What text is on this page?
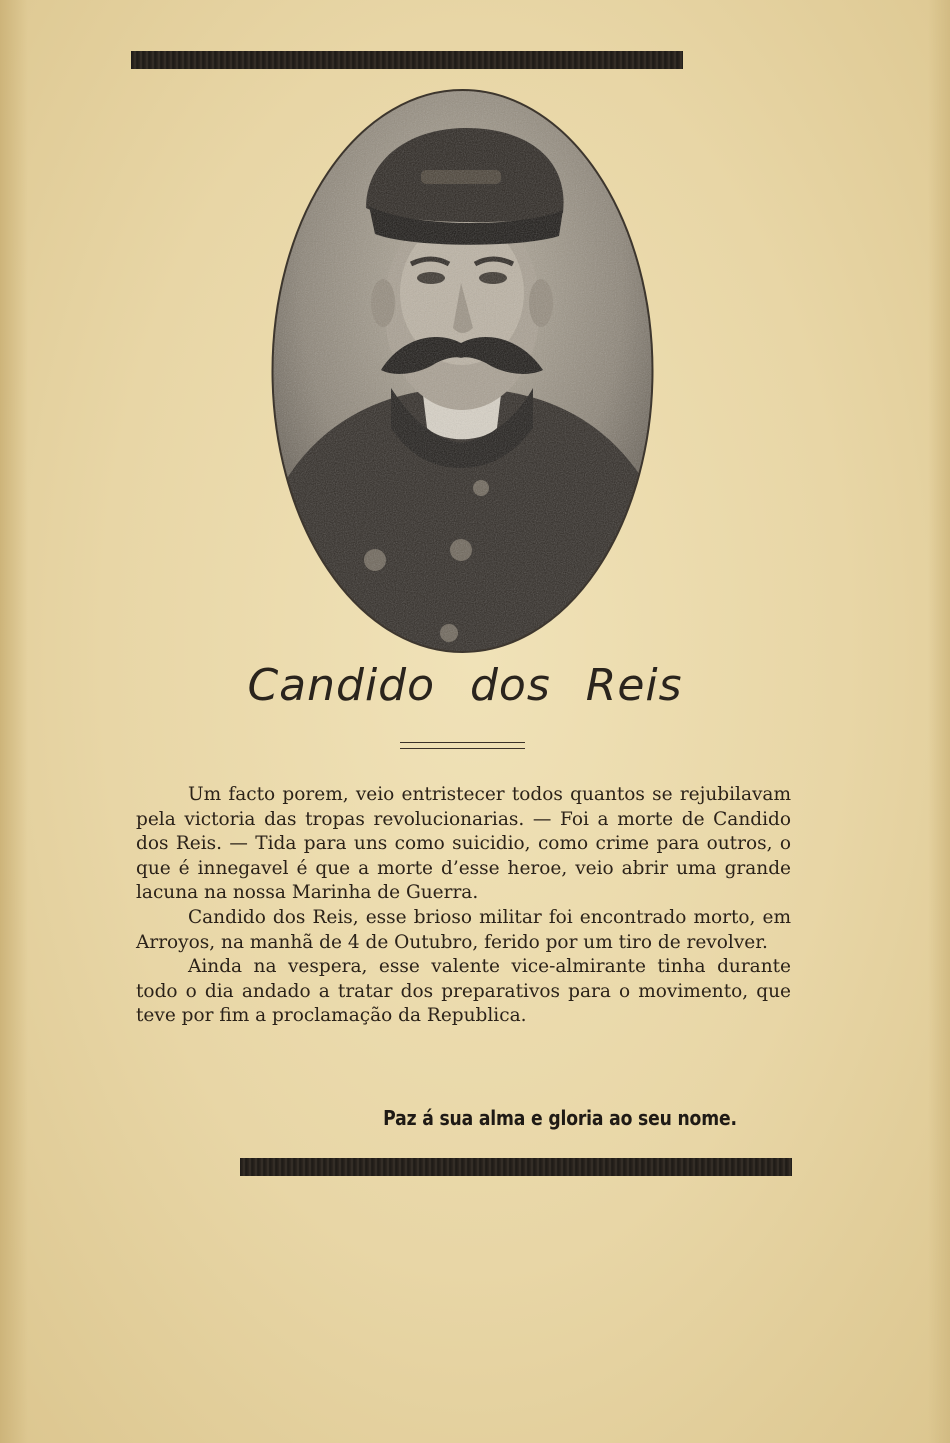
Candido dos Reis

Um facto porem, veio entristecer todos quantos se rejubilavam pela victoria das tropas revolucionarias. — Foi a morte de Candido dos Reis. — Tida para uns como suicidio, como crime para outros, o que é innegavel é que a morte d’esse heroe, veio abrir uma grande lacuna na nossa Marinha de Guerra.

Candido dos Reis, esse brioso militar foi encontrado morto, em Arroyos, na manhã de 4 de Outubro, ferido por um tiro de revolver.

Ainda na vespera, esse valente vice-almirante tinha durante todo o dia andado a tratar dos preparativos para o movimento, que teve por fim a proclamação da Republica.

Paz á sua alma e gloria ao seu nome.
